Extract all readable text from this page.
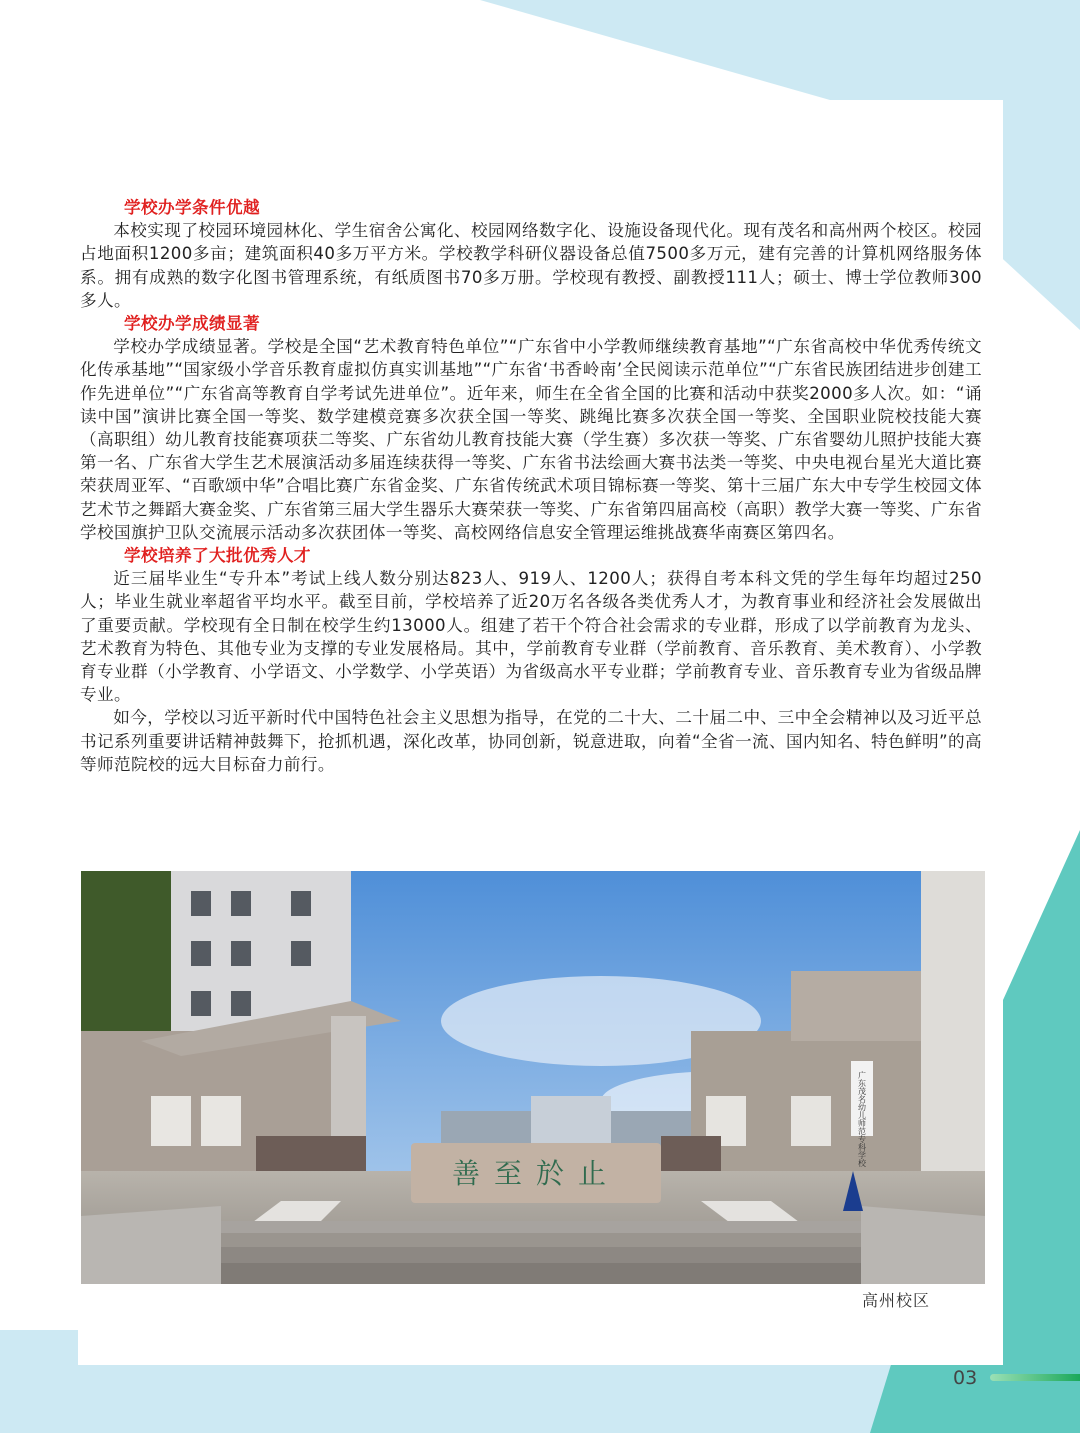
学校办学条件优越

本校实现了校园环境园林化、学生宿舍公寓化、校园网络数字化、设施设备现代化。现有茂名和高州两个校区。校园占地面积1200多亩；建筑面积40多万平方米。学校教学科研仪器设备总值7500多万元，建有完善的计算机网络服务体系。拥有成熟的数字化图书管理系统，有纸质图书70多万册。学校现有教授、副教授111人；硕士、博士学位教师300多人。

学校办学成绩显著

学校办学成绩显著。学校是全国“艺术教育特色单位”“广东省中小学教师继续教育基地”“广东省高校中华优秀传统文化传承基地”“国家级小学音乐教育虚拟仿真实训基地”“广东省‘书香岭南’全民阅读示范单位”“广东省民族团结进步创建工作先进单位”“广东省高等教育自学考试先进单位”。近年来，师生在全省全国的比赛和活动中获奖2000多人次。如：“诵读中国”演讲比赛全国一等奖、数学建模竞赛多次获全国一等奖、跳绳比赛多次获全国一等奖、全国职业院校技能大赛（高职组）幼儿教育技能赛项获二等奖、广东省幼儿教育技能大赛（学生赛）多次获一等奖、广东省婴幼儿照护技能大赛第一名、广东省大学生艺术展演活动多届连续获得一等奖、广东省书法绘画大赛书法类一等奖、中央电视台星光大道比赛荣获周亚军、“百歌颂中华”合唱比赛广东省金奖、广东省传统武术项目锦标赛一等奖、第十三届广东大中专学生校园文体艺术节之舞蹈大赛金奖、广东省第三届大学生器乐大赛荣获一等奖、广东省第四届高校（高职）教学大赛一等奖、广东省学校国旗护卫队交流展示活动多次获团体一等奖、高校网络信息安全管理运维挑战赛华南赛区第四名。

学校培养了大批优秀人才

近三届毕业生“专升本”考试上线人数分别达823人、919人、1200人；获得自考本科文凭的学生每年均超过250人；毕业生就业率超省平均水平。截至目前，学校培养了近20万名各级各类优秀人才，为教育事业和经济社会发展做出了重要贡献。学校现有全日制在校学生约13000人。组建了若干个符合社会需求的专业群，形成了以学前教育为龙头、艺术教育为特色、其他专业为支撑的专业发展格局。其中，学前教育专业群（学前教育、音乐教育、美术教育）、小学教育专业群（小学教育、小学语文、小学数学、小学英语）为省级高水平专业群；学前教育专业、音乐教育专业为省级品牌专业。

如今，学校以习近平新时代中国特色社会主义思想为指导，在党的二十大、二十届二中、三中全会精神以及习近平总书记系列重要讲话精神鼓舞下，抢抓机遇，深化改革，协同创新，锐意进取，向着“全省一流、国内知名、特色鲜明”的高等师范院校的远大目标奋力前行。

广东茂名幼儿师范专科学校
善至於止
高州校区
03
